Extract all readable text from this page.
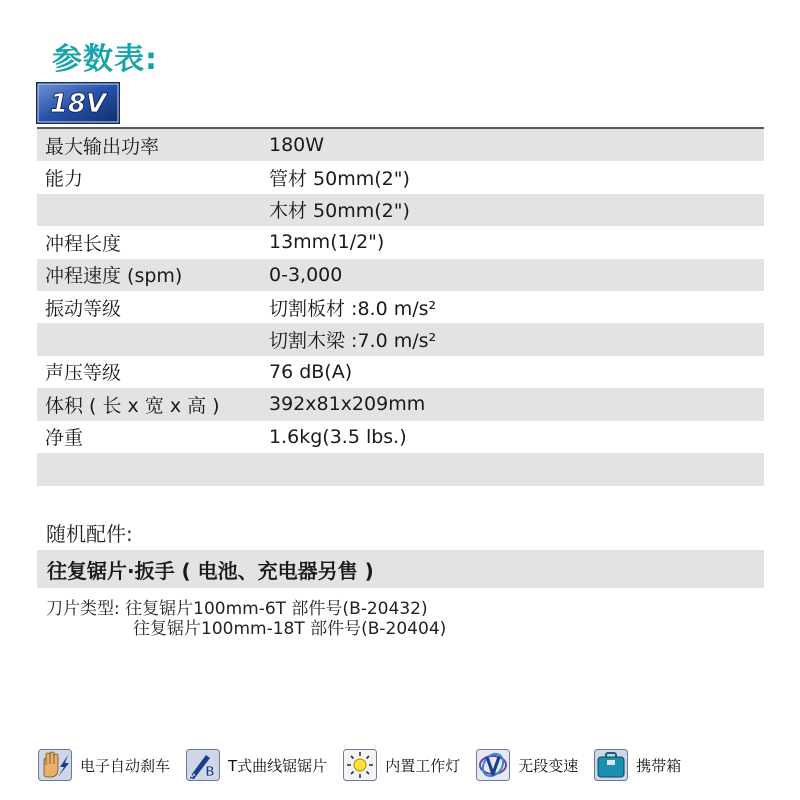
参数表:
18V
最大输出功率	180W
能力	管材 50mm(2")
木材 50mm(2")
冲程长度	13mm(1/2")
冲程速度 (spm)	0-3,000
振动等级	切割板材 :8.0 m/s²
切割木梁 :7.0 m/s²
声压等级	76 dB(A)
体积 ( 长 x 宽 x 高 )	392x81x209mm
净重	1.6kg(3.5 lbs.)
随机配件:
往复锯片·扳手 ( 电池、充电器另售 )
刀片类型: 往复锯片100mm-6T 部件号(B-20432)
往复锯片100mm-18T 部件号(B-20404)
电子自动刹车	B T式曲线锯锯片	内置工作灯	无段变速	携带箱
